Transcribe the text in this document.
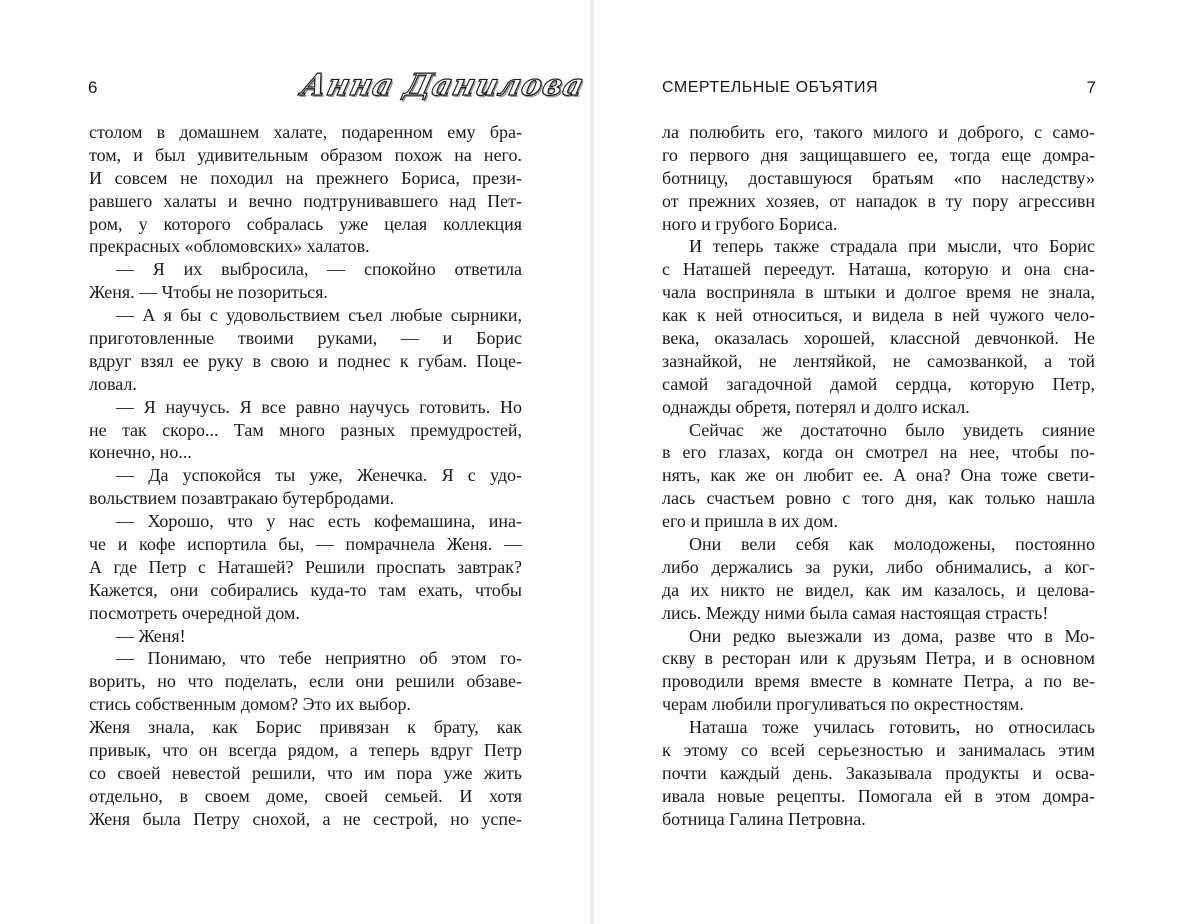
6	Анна Данилова
столом в домашнем халате, подаренном ему бра-
том, и был удивительным образом похож на него.
И совсем не походил на прежнего Бориса, прези-
равшего халаты и вечно подтрунивавшего над Пет-
ром, у которого собралась уже целая коллекция
прекрасных «обломовских» халатов.
— Я их выбросила, — спокойно ответила
Женя. — Чтобы не позориться.
— А я бы с удовольствием съел любые сырники,
приготовленные твоими руками, — и Борис
вдруг взял ее руку в свою и поднес к губам. Поце-
ловал.
— Я научусь. Я все равно научусь готовить. Но
не так скоро... Там много разных премудростей,
конечно, но...
— Да успокойся ты уже, Женечка. Я с удо-
вольствием позавтракаю бутербродами.
— Хорошо, что у нас есть кофемашина, ина-
че и кофе испортила бы, — помрачнела Женя. —
А где Петр с Наташей? Решили проспать завтрак?
Кажется, они собирались куда-то там ехать, чтобы
посмотреть очередной дом.
— Женя!
— Понимаю, что тебе неприятно об этом го-
ворить, но что поделать, если они решили обзаве-
стись собственным домом? Это их выбор.
Женя знала, как Борис привязан к брату, как
привык, что он всегда рядом, а теперь вдруг Петр
со своей невестой решили, что им пора уже жить
отдельно, в своем доме, своей семьей. И хотя
Женя была Петру снохой, а не сестрой, но успе-
СМЕРТЕЛЬНЫЕ ОБЪЯТИЯ	7
ла полюбить его, такого милого и доброго, с само-
го первого дня защищавшего ее, тогда еще домра-
ботницу, доставшуюся братьям «по наследству»
от прежних хозяев, от нападок в ту пору агрессивн
ного и грубого Бориса.
И теперь также страдала при мысли, что Борис
с Наташей переедут. Наташа, которую и она сна-
чала восприняла в штыки и долгое время не знала,
как к ней относиться, и видела в ней чужого чело-
века, оказалась хорошей, классной девчонкой. Не
зазнайкой, не лентяйкой, не самозванкой, а той
самой загадочной дамой сердца, которую Петр,
однажды обретя, потерял и долго искал.
Сейчас же достаточно было увидеть сияние
в его глазах, когда он смотрел на нее, чтобы по-
нять, как же он любит ее. А она? Она тоже свети-
лась счастьем ровно с того дня, как только нашла
его и пришла в их дом.
Они вели себя как молодожены, постоянно
либо держались за руки, либо обнимались, а ког-
да их никто не видел, как им казалось, и целова-
лись. Между ними была самая настоящая страсть!
Они редко выезжали из дома, разве что в Мо-
скву в ресторан или к друзьям Петра, и в основном
проводили время вместе в комнате Петра, а по ве-
черам любили прогуливаться по окрестностям.
Наташа тоже училась готовить, но относилась
к этому со всей серьезностью и занималась этим
почти каждый день. Заказывала продукты и осва-
ивала новые рецепты. Помогала ей в этом домра-
ботница Галина Петровна.
